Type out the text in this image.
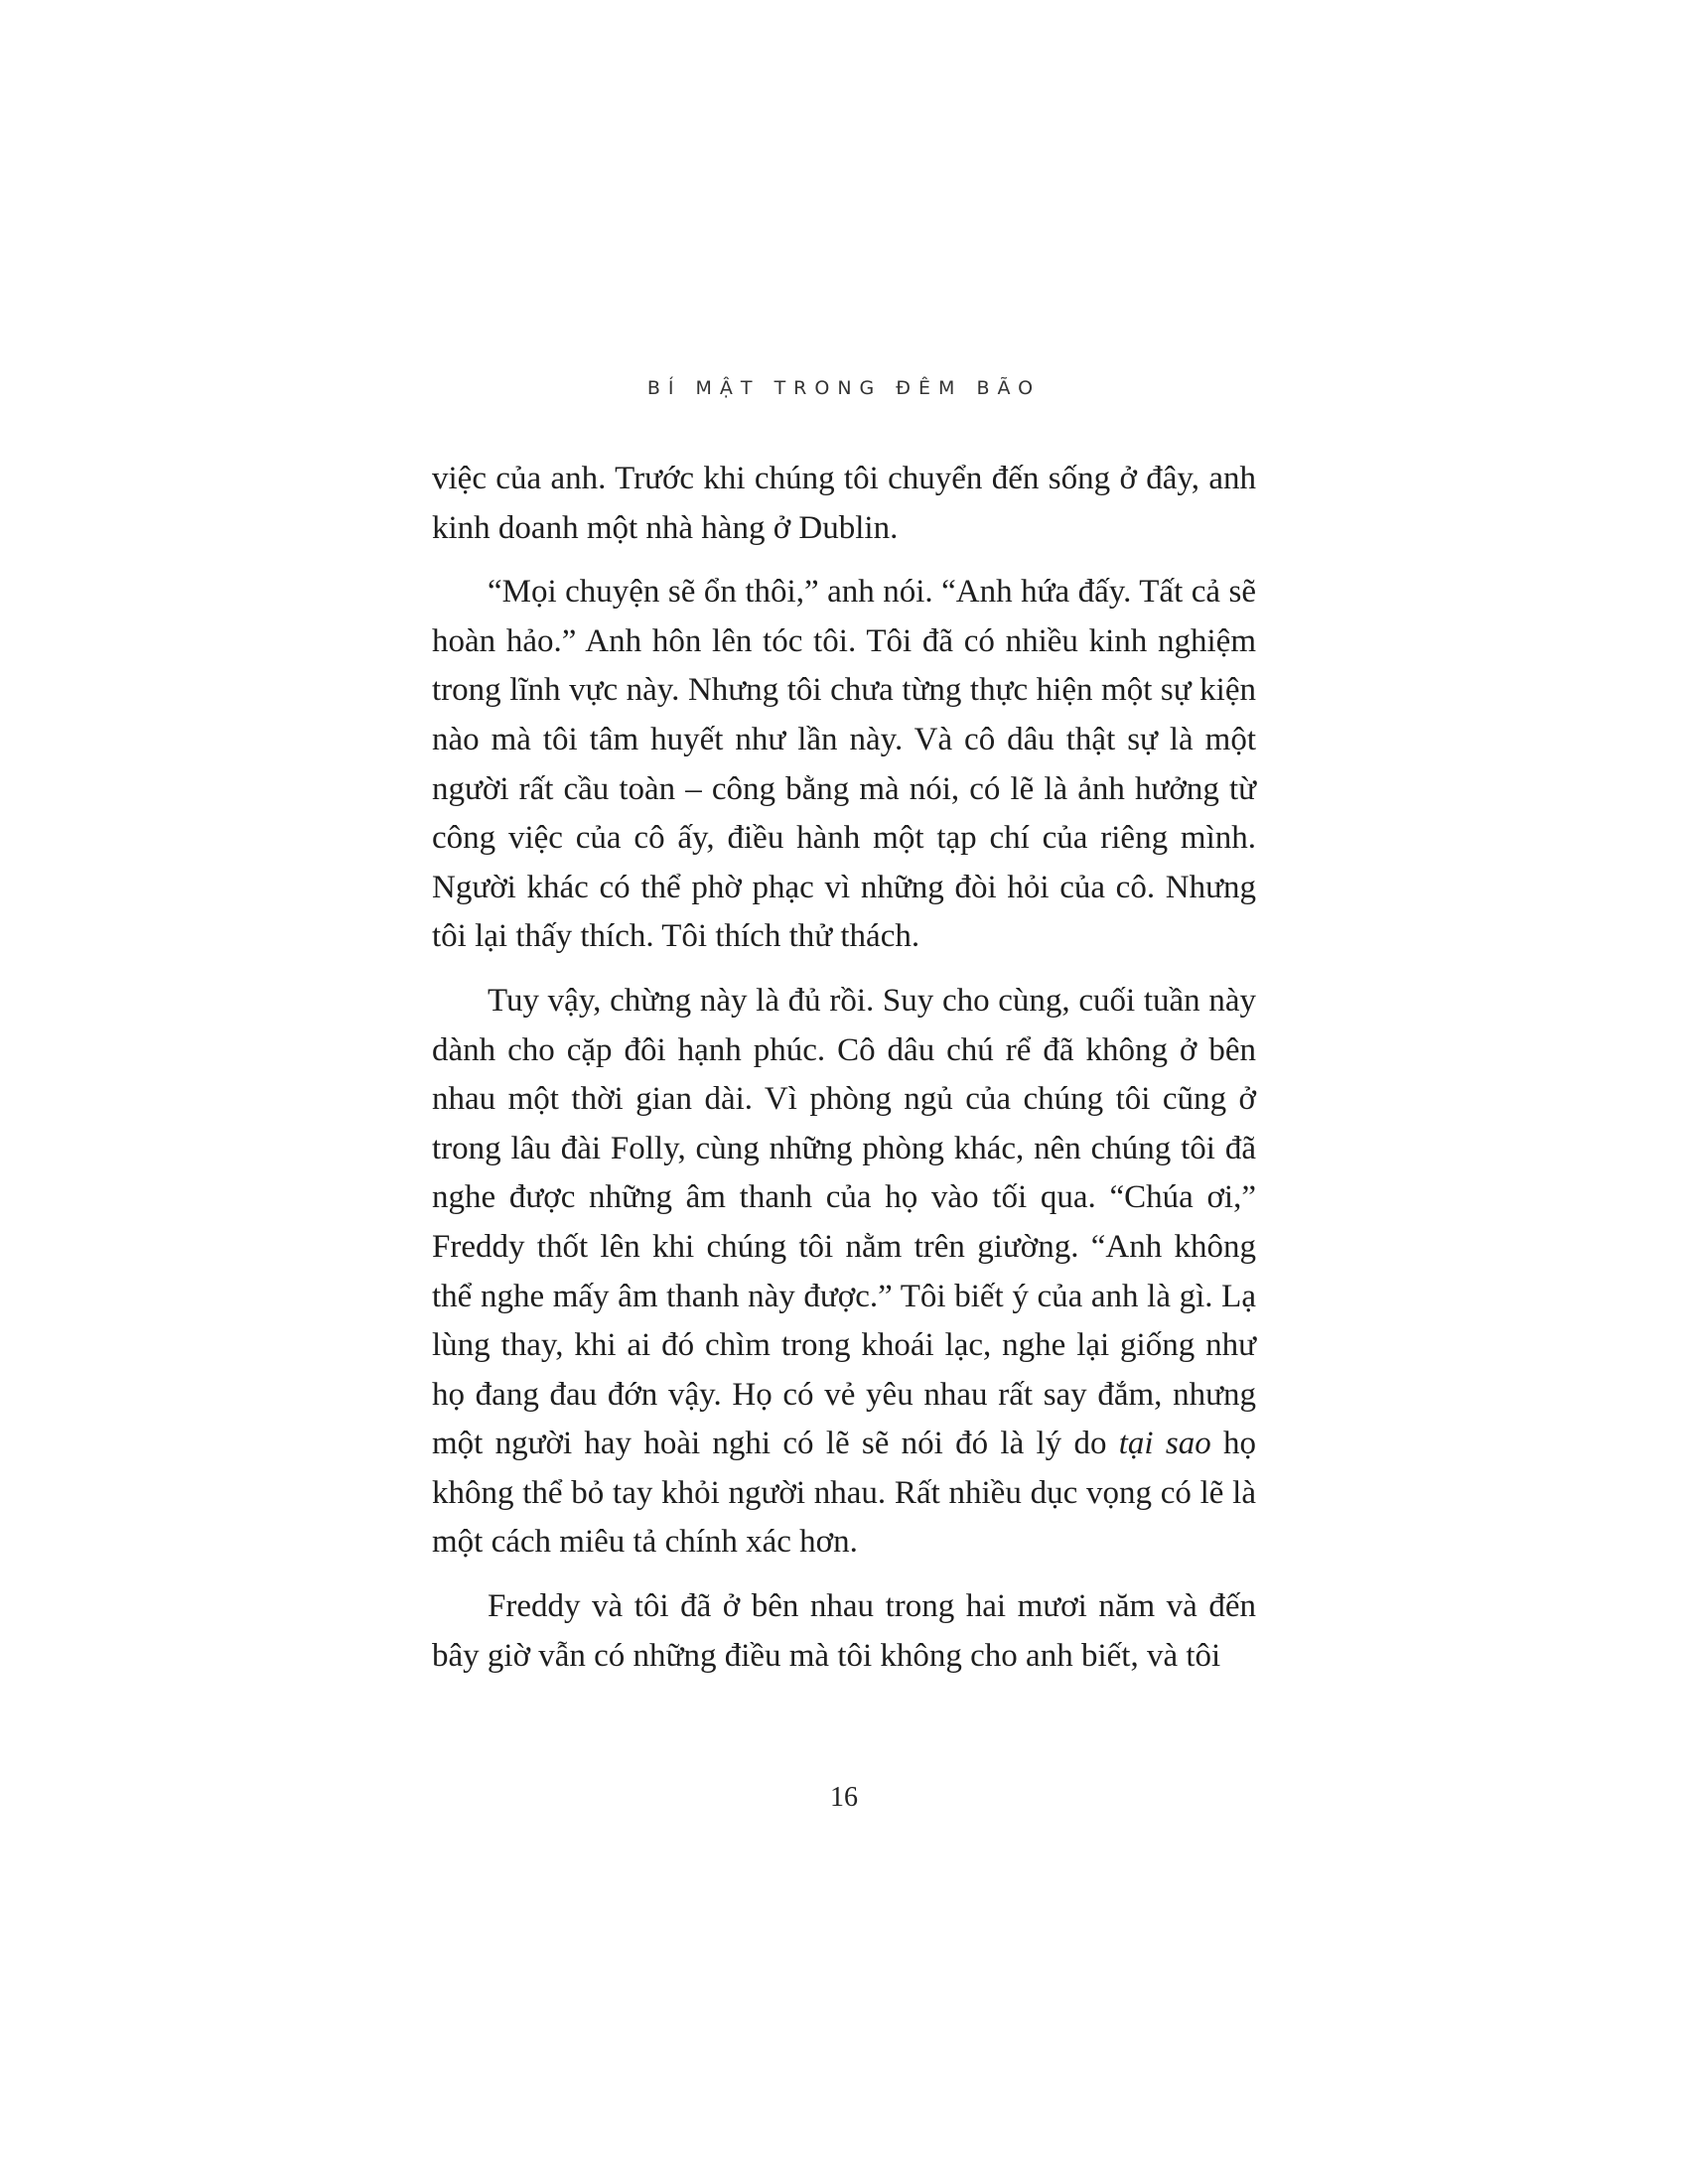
BÍ MẬT TRONG ĐÊM BÃO

việc của anh. Trước khi chúng tôi chuyển đến sống ở đây, anh kinh doanh một nhà hàng ở Dublin.

“Mọi chuyện sẽ ổn thôi,” anh nói. “Anh hứa đấy. Tất cả sẽ hoàn hảo.” Anh hôn lên tóc tôi. Tôi đã có nhiều kinh nghiệm trong lĩnh vực này. Nhưng tôi chưa từng thực hiện một sự kiện nào mà tôi tâm huyết như lần này. Và cô dâu thật sự là một người rất cầu toàn – công bằng mà nói, có lẽ là ảnh hưởng từ công việc của cô ấy, điều hành một tạp chí của riêng mình. Người khác có thể phờ phạc vì những đòi hỏi của cô. Nhưng tôi lại thấy thích. Tôi thích thử thách.

Tuy vậy, chừng này là đủ rồi. Suy cho cùng, cuối tuần này dành cho cặp đôi hạnh phúc. Cô dâu chú rể đã không ở bên nhau một thời gian dài. Vì phòng ngủ của chúng tôi cũng ở trong lâu đài Folly, cùng những phòng khác, nên chúng tôi đã nghe được những âm thanh của họ vào tối qua. “Chúa ơi,” Freddy thốt lên khi chúng tôi nằm trên giường. “Anh không thể nghe mấy âm thanh này được.” Tôi biết ý của anh là gì. Lạ lùng thay, khi ai đó chìm trong khoái lạc, nghe lại giống như họ đang đau đớn vậy. Họ có vẻ yêu nhau rất say đắm, nhưng một người hay hoài nghi có lẽ sẽ nói đó là lý do tại sao họ không thể bỏ tay khỏi người nhau. Rất nhiều dục vọng có lẽ là một cách miêu tả chính xác hơn.

Freddy và tôi đã ở bên nhau trong hai mươi năm và đến bây giờ vẫn có những điều mà tôi không cho anh biết, và tôi

16
